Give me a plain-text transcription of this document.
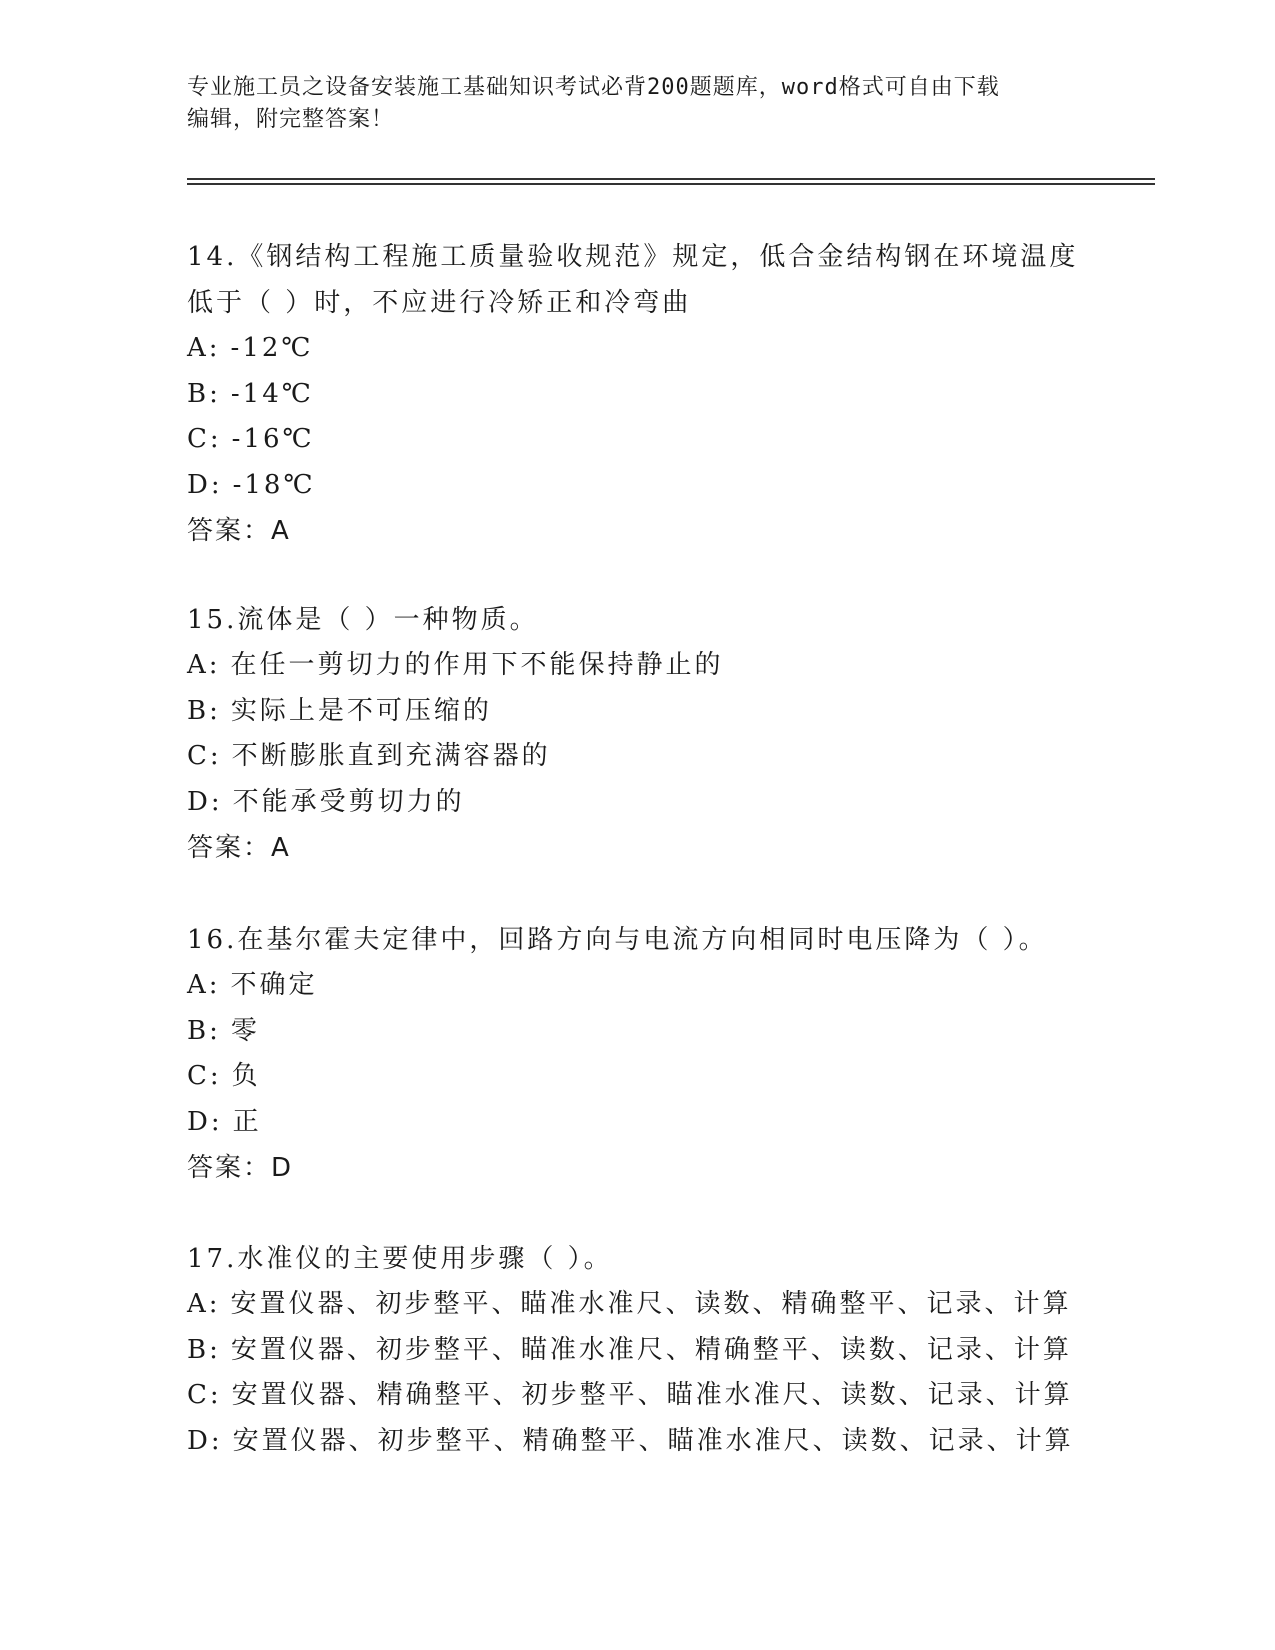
专业施工员之设备安装施工基础知识考试必背200题题库，word格式可自由下载
编辑，附完整答案！
14.《钢结构工程施工质量验收规范》规定，低合金结构钢在环境温度
低于（ ）时，不应进行冷矫正和冷弯曲
A: -12℃
B: -14℃
C: -16℃
D: -18℃
答案：A
15.流体是（ ）一种物质。
A: 在任一剪切力的作用下不能保持静止的
B: 实际上是不可压缩的
C: 不断膨胀直到充满容器的
D: 不能承受剪切力的
答案：A
16.在基尔霍夫定律中，回路方向与电流方向相同时电压降为（ ）。
A: 不确定
B: 零
C: 负
D: 正
答案：D
17.水准仪的主要使用步骤（ ）。
A: 安置仪器、初步整平、瞄准水准尺、读数、精确整平、记录、计算
B: 安置仪器、初步整平、瞄准水准尺、精确整平、读数、记录、计算
C: 安置仪器、精确整平、初步整平、瞄准水准尺、读数、记录、计算
D: 安置仪器、初步整平、精确整平、瞄准水准尺、读数、记录、计算
